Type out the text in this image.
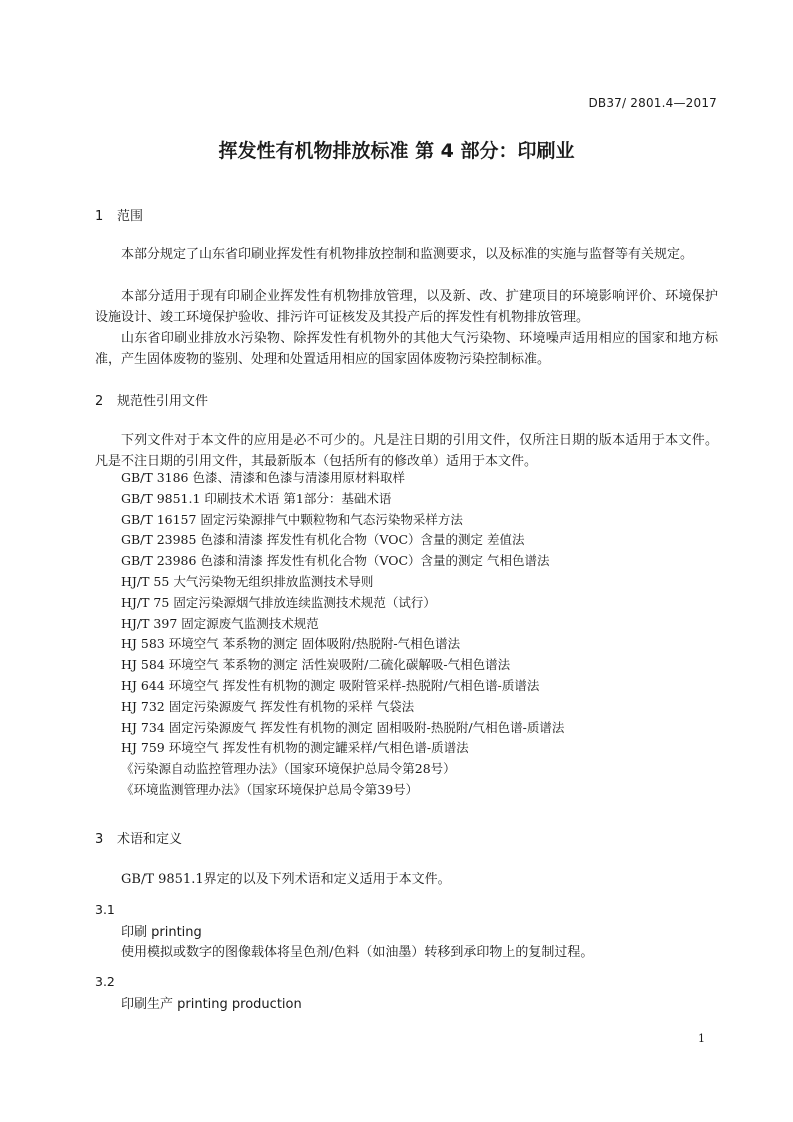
DB37/ 2801.4—2017
挥发性有机物排放标准 第 4 部分：印刷业
1 范围

本部分规定了山东省印刷业挥发性有机物排放控制和监测要求，以及标准的实施与监督等有关规定。

本部分适用于现有印刷企业挥发性有机物排放管理，以及新、改、扩建项目的环境影响评价、环境保护设施设计、竣工环境保护验收、排污许可证核发及其投产后的挥发性有机物排放管理。

山东省印刷业排放水污染物、除挥发性有机物外的其他大气污染物、环境噪声适用相应的国家和地方标准，产生固体废物的鉴别、处理和处置适用相应的国家固体废物污染控制标准。

2 规范性引用文件

下列文件对于本文件的应用是必不可少的。凡是注日期的引用文件，仅所注日期的版本适用于本文件。凡是不注日期的引用文件，其最新版本（包括所有的修改单）适用于本文件。

GB/T 3186 色漆、清漆和色漆与清漆用原材料取样
GB/T 9851.1 印刷技术术语 第1部分：基础术语
GB/T 16157 固定污染源排气中颗粒物和气态污染物采样方法
GB/T 23985 色漆和清漆 挥发性有机化合物（VOC）含量的测定 差值法
GB/T 23986 色漆和清漆 挥发性有机化合物（VOC）含量的测定 气相色谱法
HJ/T 55 大气污染物无组织排放监测技术导则
HJ/T 75 固定污染源烟气排放连续监测技术规范（试行）
HJ/T 397 固定源废气监测技术规范
HJ 583 环境空气 苯系物的测定 固体吸附/热脱附-气相色谱法
HJ 584 环境空气 苯系物的测定 活性炭吸附/二硫化碳解吸-气相色谱法
HJ 644 环境空气 挥发性有机物的测定 吸附管采样-热脱附/气相色谱-质谱法
HJ 732 固定污染源废气 挥发性有机物的采样 气袋法
HJ 734 固定污染源废气 挥发性有机物的测定 固相吸附-热脱附/气相色谱-质谱法
HJ 759 环境空气 挥发性有机物的测定罐采样/气相色谱-质谱法
《污染源自动监控管理办法》（国家环境保护总局令第28号）
《环境监测管理办法》（国家环境保护总局令第39号）
3 术语和定义
GB/T 9851.1界定的以及下列术语和定义适用于本文件。
3.1
印刷 printing
使用模拟或数字的图像载体将呈色剂/色料（如油墨）转移到承印物上的复制过程。
3.2
印刷生产 printing production
1
